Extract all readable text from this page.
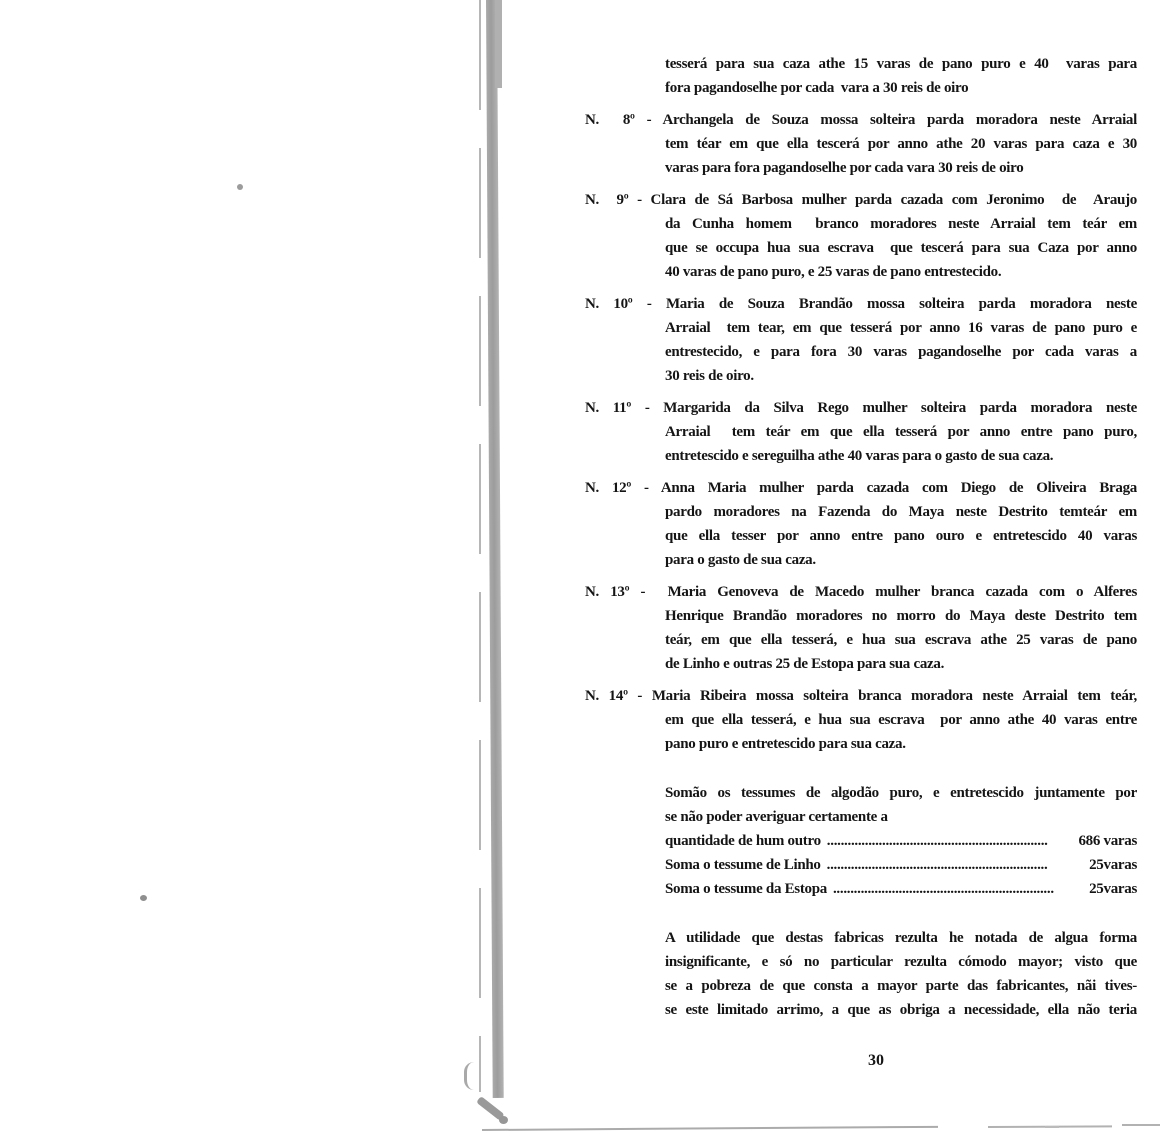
tesserá para sua caza athe 15 varas de pano puro e 40  varas para
fora pagandoselhe por cada  vara a 30 reis de oiro
N.  8º - Archangela de Souza mossa solteira parda moradora neste Arraial
tem téar em que ella tescerá por anno athe 20 varas para caza e 30
varas para fora pagandoselhe por cada vara 30 reis de oiro
N.  9º - Clara de Sá Barbosa mulher parda cazada com Jeronimo  de  Araujo
da Cunha homem  branco moradores neste Arraial tem teár em
que se occupa hua sua escrava  que tescerá para sua Caza por anno
40 varas de pano puro, e 25 varas de pano entrestecido.
N. 10º - Maria de Souza Brandão mossa solteira parda moradora neste
Arraial  tem tear, em que tesserá por anno 16 varas de pano puro e
entrestecido, e para fora 30 varas pagandoselhe por cada varas a
30 reis de oiro.
N. 11º - Margarida da Silva Rego mulher solteira parda moradora neste
Arraial  tem teár em que ella tesserá por anno entre pano puro,
entretescido e sereguilha athe 40 varas para o gasto de sua caza.
N. 12º - Anna Maria mulher parda cazada com Diego de Oliveira Braga
pardo moradores na Fazenda do Maya neste Destrito temteár em
que ella tesser por anno entre pano ouro e entretescido 40 varas
para o gasto de sua caza.
N. 13º -  Maria Genoveva de Macedo mulher branca cazada com o Alferes
Henrique Brandão moradores no morro do Maya deste Destrito tem
teár, em que ella tesserá, e hua sua escrava athe 25 varas de pano
de Linho e outras 25 de Estopa para sua caza.
N. 14º - Maria Ribeira mossa solteira branca moradora neste Arraial tem teár,
em que ella tesserá, e hua sua escrava  por anno athe 40 varas entre
pano puro e entretescido para sua caza.
Somão os tessumes de algodão puro, e entretescido juntamente por
se não poder averiguar certamente a
quantidade de hum outro ................................................................	686 varas
Soma o tessume de Linho ................................................................	25varas
Soma o tessume da Estopa ................................................................	25varas
A utilidade que destas fabricas rezulta he notada de algua forma
insignificante, e só no particular rezulta cómodo mayor; visto que
se a pobreza de que consta a mayor parte das fabricantes, nãi tives-
se este limitado arrimo, a que as obriga a necessidade, ella não teria
30
